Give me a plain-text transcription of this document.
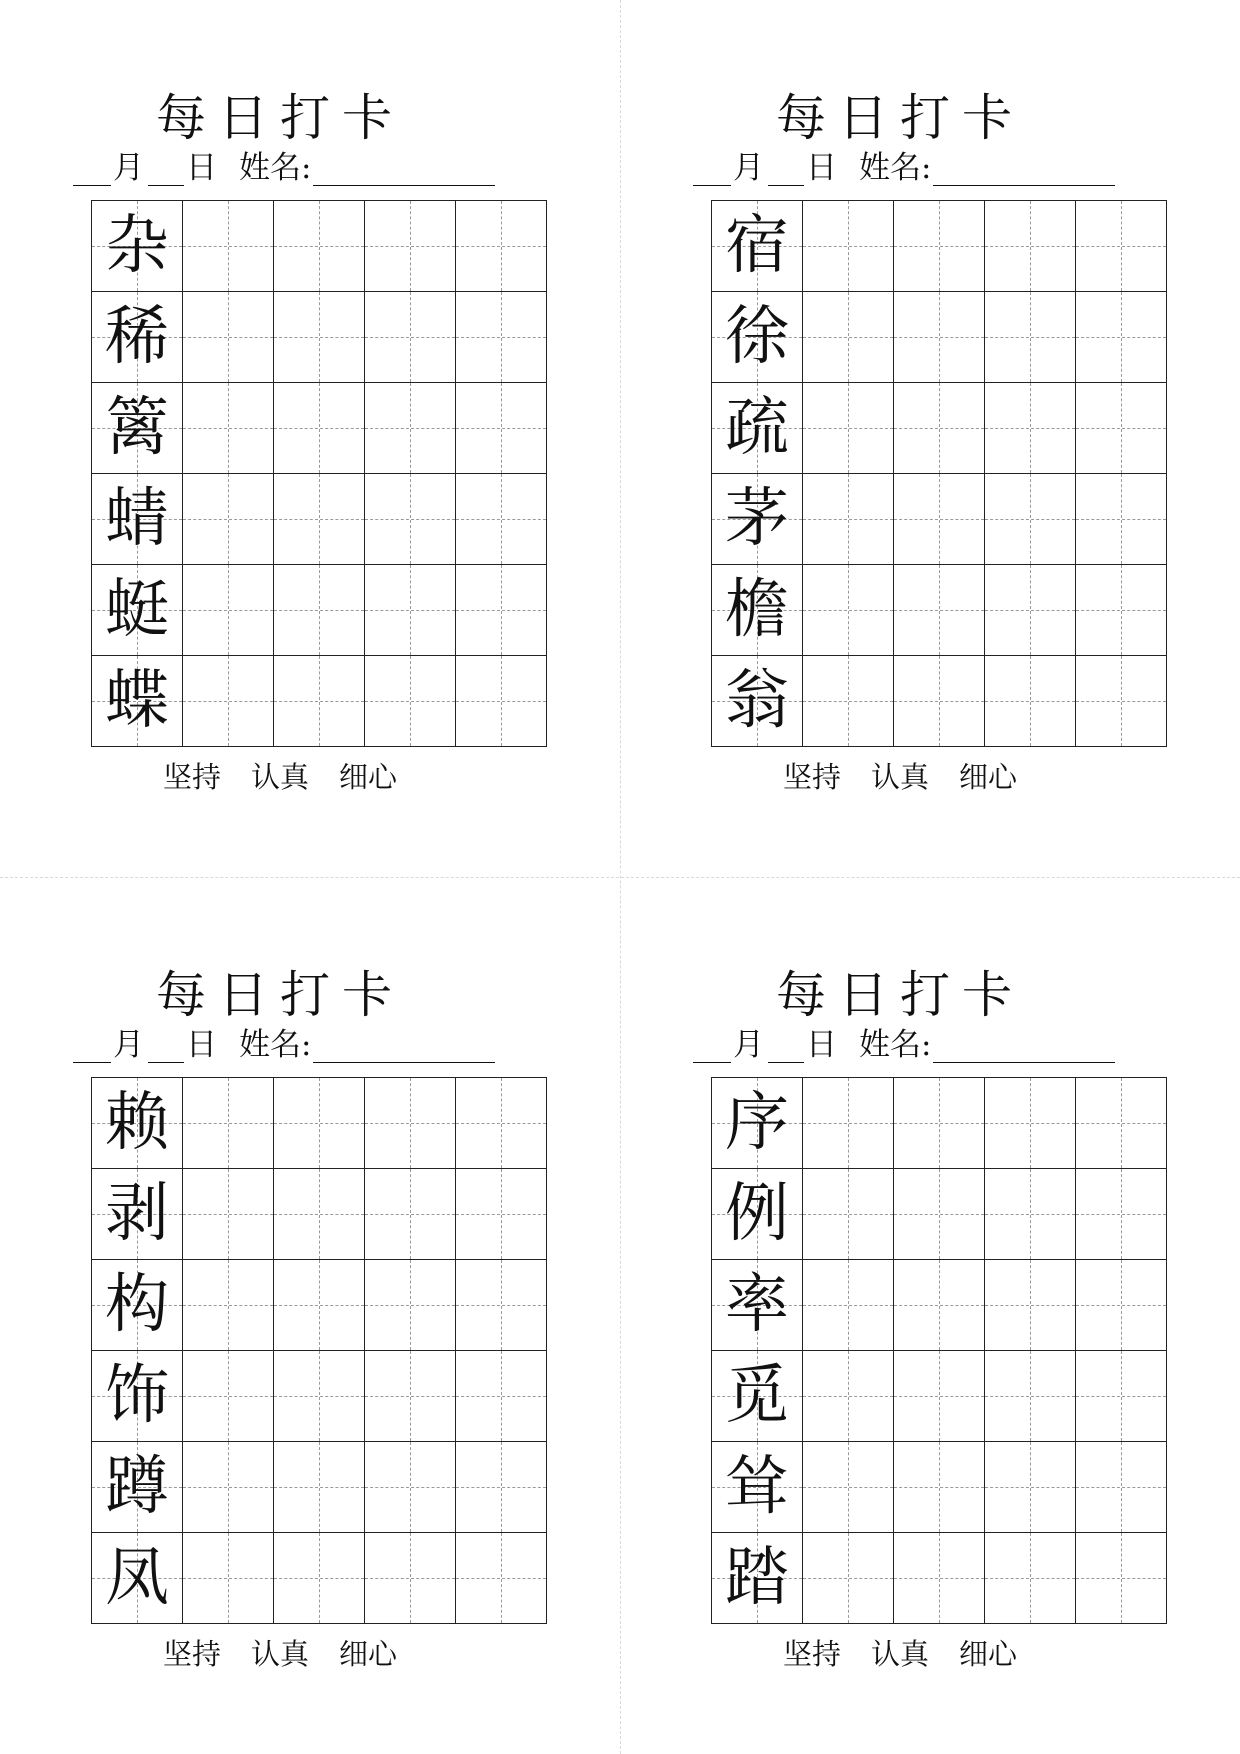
每日打卡

月 日 姓名:

杂
稀
篱
蜻
蜓
蝶

坚持 认真 细心

每日打卡

月 日 姓名:

宿
徐
疏
茅
檐
翁

坚持 认真 细心

每日打卡

月 日 姓名:

赖
剥
构
饰
蹲
凤

坚持 认真 细心

每日打卡

月 日 姓名:

序
例
率
觅
耸
踏

坚持 认真 细心
